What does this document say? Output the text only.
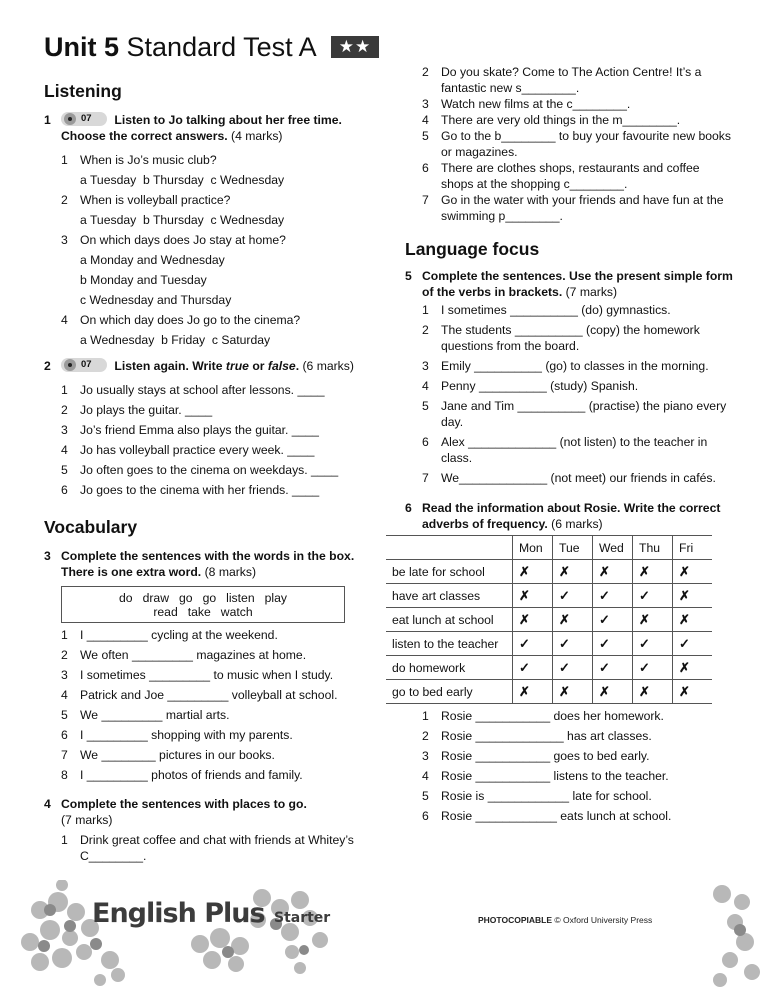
Unit 5 Standard Test A ★★
Listening
1	07 Listen to Jo talking about her free time. Choose the correct answers. (4 marks)
1 When is Jo’s music club?
a Tuesday  b Thursday  c Wednesday
2 When is volleyball practice?
a Tuesday  b Thursday  c Wednesday
3 On which days does Jo stay at home?
a Monday and Wednesday
b Monday and Tuesday
c Wednesday and Thursday
4 On which day does Jo go to the cinema?
a Wednesday  b Friday  c Saturday
2	07 Listen again. Write true or false. (6 marks)
1 Jo usually stays at school after lessons. ____
2 Jo plays the guitar. ____
3 Jo’s friend Emma also plays the guitar. ____
4 Jo has volleyball practice every week. ____
5 Jo often goes to the cinema on weekdays. ____
6 Jo goes to the cinema with her friends. ____
Vocabulary
3 Complete the sentences with the words in the box. There is one extra word. (8 marks)
do draw go go listen play
read take watch
1 I _________ cycling at the weekend.
2 We often _________ magazines at home.
3 I sometimes _________ to music when I study.
4 Patrick and Joe _________ volleyball at school.
5 We _________ martial arts.
6 I _________ shopping with my parents.
7 We ________ pictures in our books.
8 I _________ photos of friends and family.
4 Complete the sentences with places to go.
(7 marks)
1 Drink great coffee and chat with friends at Whitey’s C________.
2 Do you skate? Come to The Action Centre! It’s a fantastic new s________.
3 Watch new films at the c________.
4 There are very old things in the m________.
5 Go to the b________ to buy your favourite new books or magazines.
6 There are clothes shops, restaurants and coffee shops at the shopping c________.
7 Go in the water with your friends and have fun at the swimming p________.
Language focus
5 Complete the sentences. Use the present simple form of the verbs in brackets. (7 marks)
1 I sometimes __________ (do) gymnastics.
2 The students __________ (copy) the homework questions from the board.
3 Emily __________ (go) to classes in the morning.
4 Penny __________ (study) Spanish.
5 Jane and Tim __________ (practise) the piano every day.
6 Alex _____________ (not listen) to the teacher in class.
7 We_____________ (not meet) our friends in cafés.
6 Read the information about Rosie. Write the correct adverbs of frequency. (6 marks)
	Mon	Tue	Wed	Thu	Fri
be late for school	✗	✗	✗	✗	✗
have art classes	✗	✓	✓	✓	✗
eat lunch at school	✗	✗	✓	✗	✗
listen to the teacher	✓	✓	✓	✓	✓
do homework	✓	✓	✓	✓	✗
go to bed early	✗	✗	✗	✗	✗
1 Rosie ___________ does her homework.
2 Rosie _____________ has art classes.
3 Rosie ___________ goes to bed early.
4 Rosie ___________ listens to the teacher.
5 Rosie is ____________ late for school.
6 Rosie ____________ eats lunch at school.
English Plus Starter	PHOTOCOPIABLE © Oxford University Press
